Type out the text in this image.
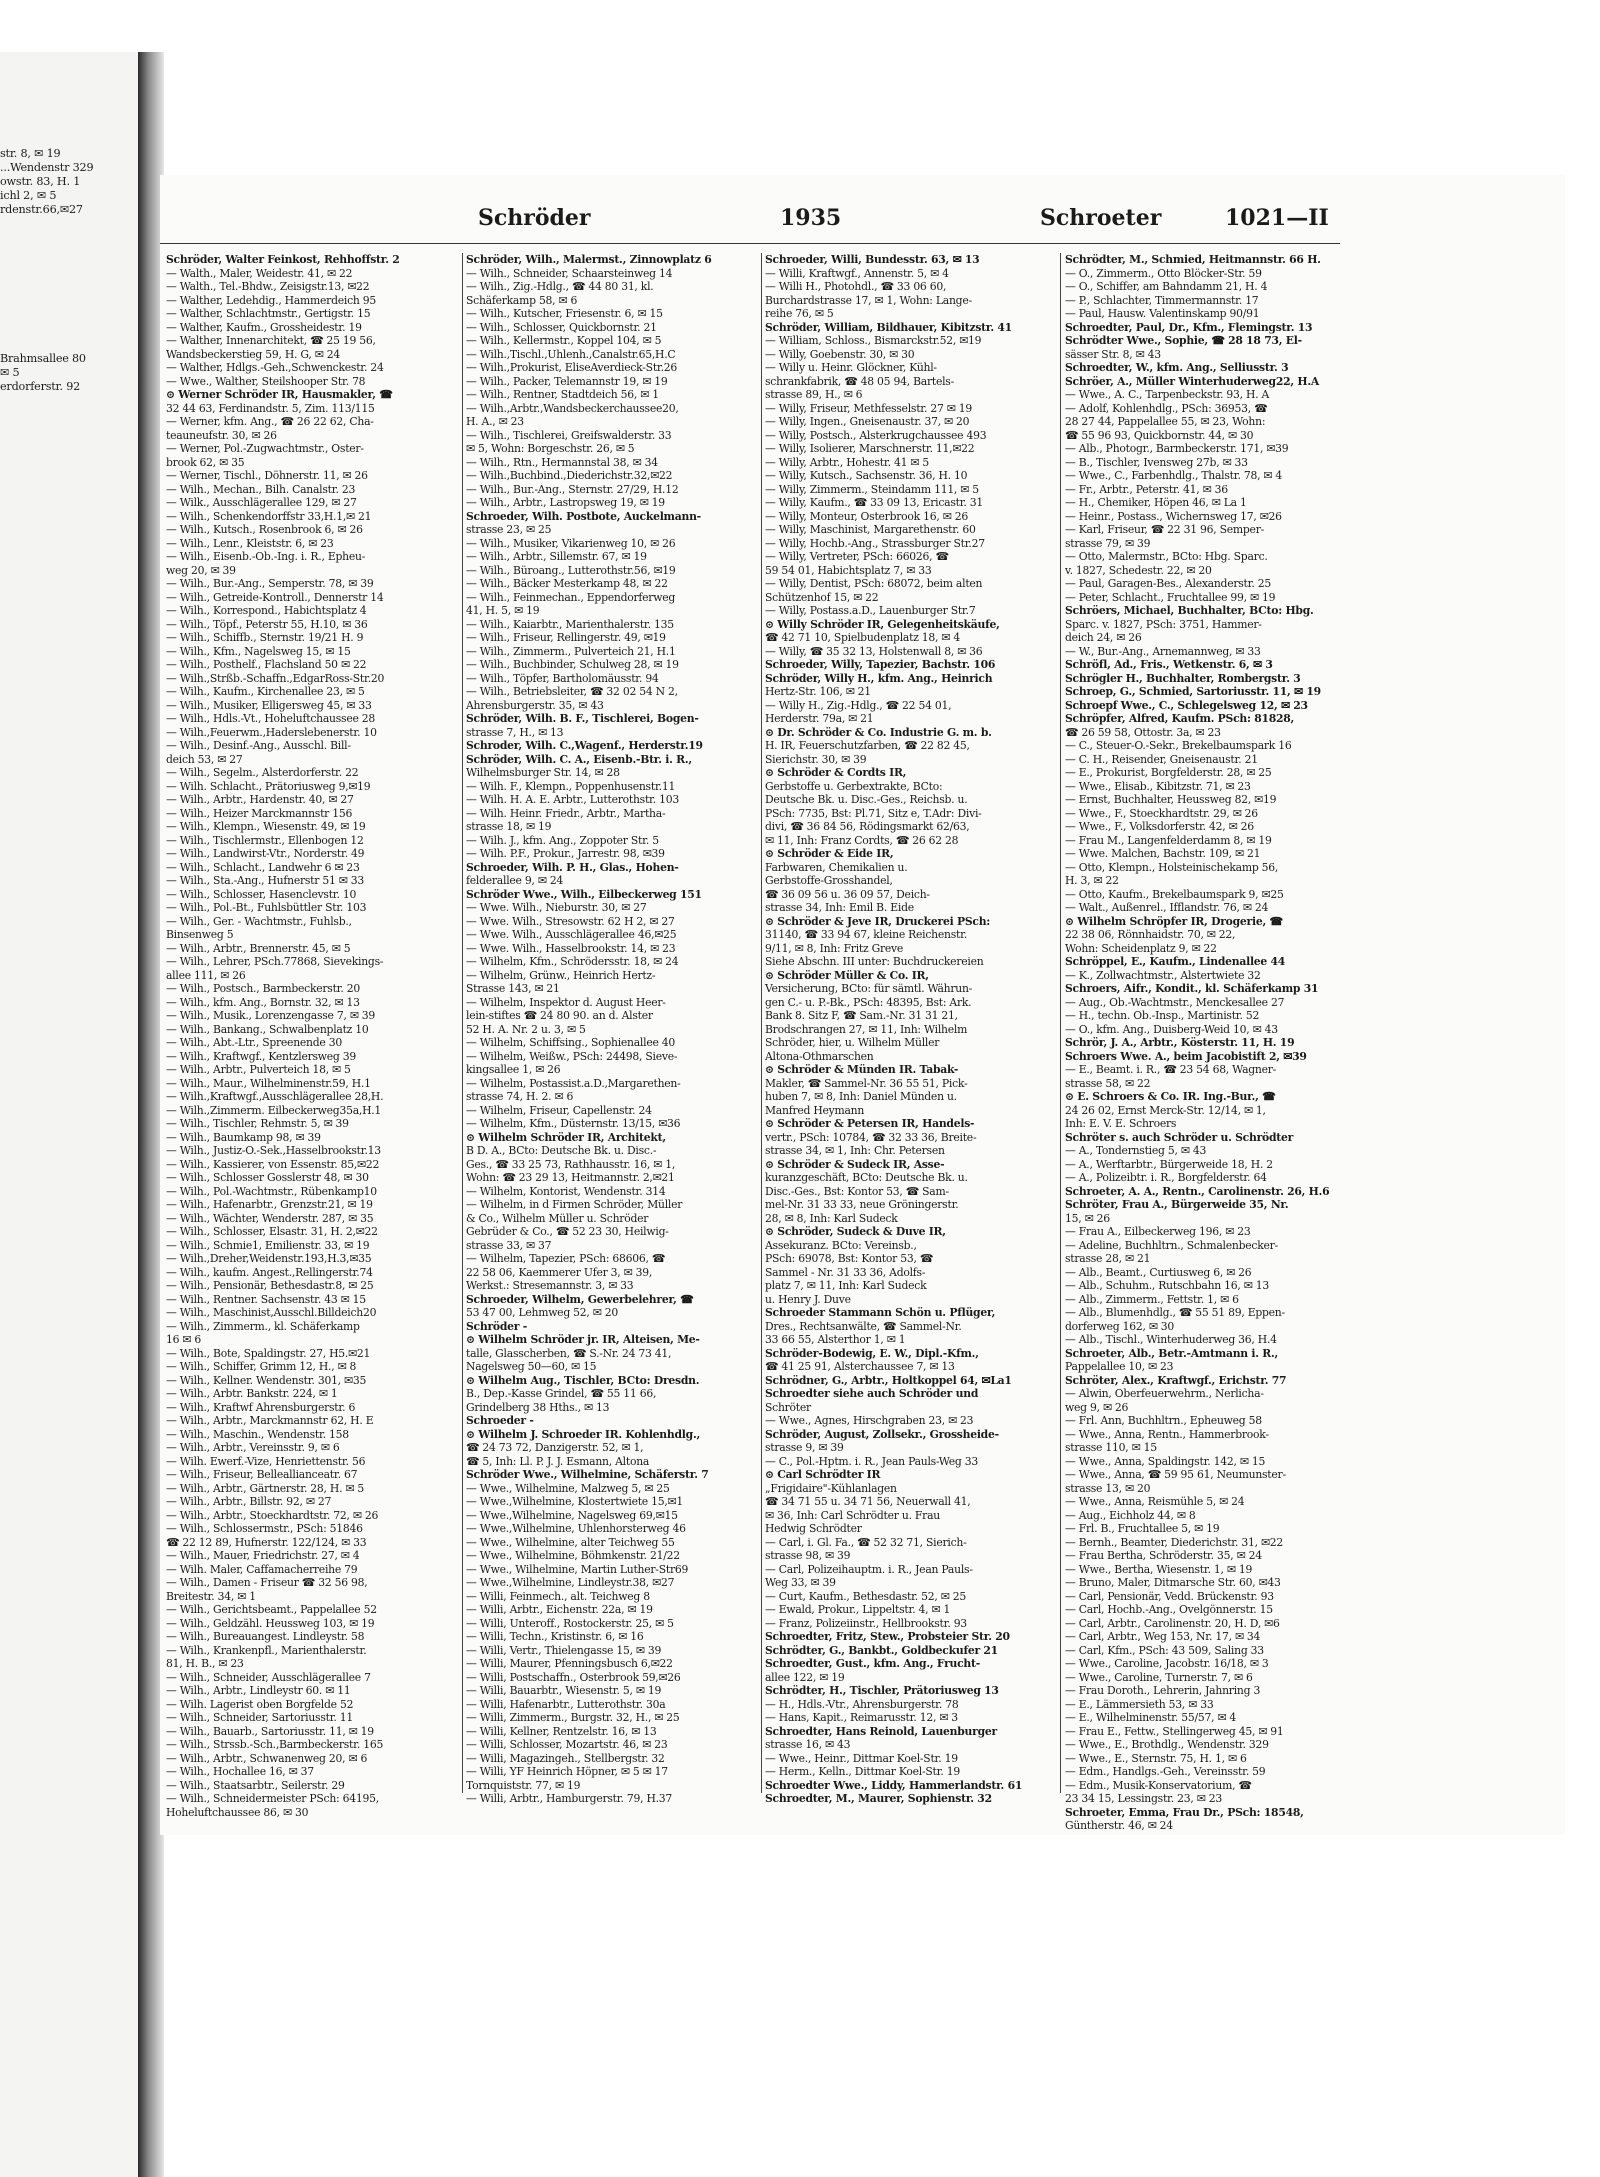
str. 8, ✉ 19
...Wendenstr 329
owstr. 83, H. 1
ichl 2, ✉ 5
rdenstr.66,✉27
Brahmsallee 80
✉ 5
erdorferstr. 92
Schröder	1935	Schroeter	1021—II

Schröder, Walter Feinkost, Rehhoffstr. 2

— Walth., Maler, Weidestr. 41, ✉ 22

— Walth., Tel.-Bhdw., Zeisigstr.13, ✉22

— Walther, Ledehdig., Hammerdeich 95

— Walther, Schlachtmstr., Gertigstr. 15

— Walther, Kaufm., Grossheidestr. 19

— Walther, Innenarchitekt, ☎ 25 19 56,

Wandsbeckerstieg 59, H. G, ✉ 24

— Walther, Hdlgs.-Geh.,Schwenckestr. 24

— Wwe., Walther, Steilshooper Str. 78

⊙ Werner Schröder IR, Hausmakler, ☎

32 44 63, Ferdinandstr. 5, Zim. 113/115

— Werner, kfm. Ang., ☎ 26 22 62, Cha-

teauneufstr. 30, ✉ 26

— Werner, Pol.-Zugwachtmstr., Oster-

brook 62, ✉ 35

— Werner, Tischl., Döhnerstr. 11, ✉ 26

— Wilh., Mechan., Bilh. Canalstr. 23

— Wilk., Ausschlägerallee 129, ✉ 27

— Wilh., Schenkendorffstr 33,H.1,✉ 21

— Wilh., Kutsch., Rosenbrook 6, ✉ 26

— Wilh., Lenr., Kleiststr. 6, ✉ 23

— Wilh., Eisenb.-Ob.-Ing. i. R., Epheu-

weg 20, ✉ 39

— Wilh., Bur.-Ang., Semperstr. 78, ✉ 39

— Wilh., Getreide-Kontroll., Dennerstr 14

— Wilh., Korrespond., Habichtsplatz 4

— Wilh., Töpf., Peterstr 55, H.10, ✉ 36

— Wilh., Schiffb., Sternstr. 19/21 H. 9

— Wilh., Kfm., Nagelsweg 15, ✉ 15

— Wilh., Posthelf., Flachsland 50 ✉ 22

— Wilh.,Strßb.-Schaffn.,EdgarRoss-Str.20

— Wilh., Kaufm., Kirchenallee 23, ✉ 5

— Wilh., Musiker, Elligersweg 45, ✉ 33

— Wilh., Hdls.-Vt., Hoheluftchaussee 28

— Wilh.,Feuerwm.,Haderslebenerstr. 10

— Wilh., Desinf.-Ang., Ausschl. Bill-

deich 53, ✉ 27

— Wilh., Segelm., Alsterdorferstr. 22

— Wilh. Schlacht., Prätoriusweg 9,✉19

— Wilh., Arbtr., Hardenstr. 40, ✉ 27

— Wilh., Heizer Marckmannstr 156

— Wilh., Klempn., Wiesenstr. 49, ✉ 19

— Wilh., Tischlermstr., Ellenbogen 12

— Wilh., Landwirst-Vtr., Norderstr. 49

— Wilh., Schlacht., Landwehr 6 ✉ 23

— Wilh., Sta.-Ang., Hufnerstr 51 ✉ 33

— Wilh., Schlosser, Hasenclevstr. 10

— Wilh., Pol.-Bt., Fuhlsbüttler Str. 103

— Wilh., Ger. - Wachtmstr., Fuhlsb.,

Binsenweg 5

— Wilh., Arbtr., Brennerstr. 45, ✉ 5

— Wilh., Lehrer, PSch.77868, Sievekings-

allee 111, ✉ 26

— Wilh., Postsch., Barmbeckerstr. 20

— Wilh., kfm. Ang., Bornstr. 32, ✉ 13

— Wilh., Musik., Lorenzengasse 7, ✉ 39

— Wilh., Bankang., Schwalbenplatz 10

— Wilh., Abt.-Ltr., Spreenende 30

— Wilh., Kraftwgf., Kentzlersweg 39

— Wilh., Arbtr., Pulverteich 18, ✉ 5

— Wilh., Maur., Wilhelminenstr.59, H.1

— Wilh.,Kraftwgf.,Ausschlägerallee 28,H.

— Wilh.,Zimmerm. Eilbeckerweg35a,H.1

— Wilh., Tischler, Rehmstr. 5, ✉ 39

— Wilh., Baumkamp 98, ✉ 39

— Wilh., Justiz-O.-Sek.,Hasselbrookstr.13

— Wilh., Kassierer, von Essenstr. 85,✉22

— Wilh., Schlosser Gosslerstr 48, ✉ 30

— Wilh., Pol.-Wachtmstr., Rübenkamp10

— Wilh., Hafenarbtr., Grenzstr.21, ✉ 19

— Wilh., Wächter, Wenderstr. 287, ✉ 35

— Wilh., Schlosser, Elsastr. 31, H. 2,✉22

— Wilh., Schmie1, Emilienstr. 33, ✉ 19

— Wilh.,Dreher,Weidenstr.193,H.3,✉35

— Wilh., kaufm. Angest.,Rellingerstr.74

— Wilh., Pensionär, Bethesdastr.8, ✉ 25

— Wilh., Rentner. Sachsenstr. 43 ✉ 15

— Wilh., Maschinist,Ausschl.Billdeich20

— Wilh., Zimmerm., kl. Schäferkamp

16 ✉ 6

— Wilh., Bote, Spaldingstr. 27, H5.✉21

— Wilh., Schiffer, Grimm 12, H., ✉ 8

— Wilh., Kellner. Wendenstr. 301, ✉35

— Wilh., Arbtr. Bankstr. 224, ✉ 1

— Wilh., Kraftwf Ahrensburgerstr. 6

— Wilh., Arbtr., Marckmannstr 62, H. E

— Wilh., Maschin., Wendenstr. 158

— Wilh., Arbtr., Vereinsstr. 9, ✉ 6

— Wilh. Ewerf.-Vize, Henriettenstr. 56

— Wilh., Friseur, Belleallianceatr. 67

— Wilh., Arbtr., Gärtnerstr. 28, H. ✉ 5

— Wilh., Arbtr., Billstr. 92, ✉ 27

— Wilh., Arbtr., Stoeckhardtstr. 72, ✉ 26

— Wilh., Schlossermstr., PSch: 51846

☎ 22 12 89, Hufnerstr. 122/124, ✉ 33

— Wilh., Mauer, Friedrichstr. 27, ✉ 4

— Wilh. Maler, Caffamacherreihe 79

— Wilh., Damen - Friseur ☎ 32 56 98,

Breitestr. 34, ✉ 1

— Wilh., Gerichtsbeamt., Pappelallee 52

— Wilh., Geldzähl. Heussweg 103, ✉ 19

— Wilh., Bureauangest. Lindleystr. 58

— Wilh., Krankenpfl., Marienthalerstr.

81, H. B., ✉ 23

— Wilh., Schneider, Ausschlägerallee 7

— Wilh., Arbtr., Lindleystr 60. ✉ 11

— Wilh. Lagerist oben Borgfelde 52

— Wilh., Schneider, Sartoriusstr. 11

— Wilh., Bauarb., Sartoriusstr. 11, ✉ 19

— Wilh., Strssb.-Sch.,Barmbeckerstr. 165

— Wilh., Arbtr., Schwanenweg 20, ✉ 6

— Wilh., Hochallee 16, ✉ 37

— Wilh., Staatsarbtr., Seilerstr. 29

— Wilh., Schneidermeister PSch: 64195,

Hoheluftchaussee 86, ✉ 30

Schröder, Wilh., Malermst., Zinnowplatz 6

— Wilh., Schneider, Schaarsteinweg 14

— Wilh., Zig.-Hdlg., ☎ 44 80 31, kl.

Schäferkamp 58, ✉ 6

— Wilh., Kutscher, Friesenstr. 6, ✉ 15

— Wilh., Schlosser, Quickbornstr. 21

— Wilh., Kellermstr., Koppel 104, ✉ 5

— Wilh.,Tischl.,Uhlenh.,Canalstr.65,H.C

— Wilh.,Prokurist, EliseAverdieck-Str.26

— Wilh., Packer, Telemannstr 19, ✉ 19

— Wilh., Rentner, Stadtdeich 56, ✉ 1

— Wilh.,Arbtr.,Wandsbeckerchaussee20,

H. A., ✉ 23

— Wilh., Tischlerei, Greifswalderstr. 33

✉ 5, Wohn: Borgeschstr. 26, ✉ 5

— Wilh., Rtn., Hermannstal 38, ✉ 34

— Wilh.,Buchbind.,Diederichstr.32,✉22

— Wilh., Bur.-Ang., Sternstr. 27/29, H.12

— Wilh., Arbtr., Lastropsweg 19, ✉ 19

Schroeder, Wilh. Postbote, Auckelmann-

strasse 23, ✉ 25

— Wilh., Musiker, Vikarienweg 10, ✉ 26

— Wilh., Arbtr., Sillemstr. 67, ✉ 19

— Wilh., Büroang., Lutterothstr.56, ✉19

— Wilh., Bäcker Mesterkamp 48, ✉ 22

— Wilh., Feinmechan., Eppendorferweg

41, H. 5, ✉ 19

— Wilh., Kaiarbtr., Marienthalerstr. 135

— Wilh., Friseur, Rellingerstr. 49, ✉19

— Wilh., Zimmerm., Pulverteich 21, H.1

— Wilh., Buchbinder, Schulweg 28, ✉ 19

— Wilh., Töpfer, Bartholomäusstr. 94

— Wilh., Betriebsleiter, ☎ 32 02 54 N 2,

Ahrensburgerstr. 35, ✉ 43

Schröder, Wilh. B. F., Tischlerei, Bogen-

strasse 7, H., ✉ 13

Schroder, Wilh. C.,Wagenf., Herderstr.19

Schröder, Wilh. C. A., Eisenb.-Btr. i. R.,

Wilhelmsburger Str. 14, ✉ 28

— Wilh. F., Klempn., Poppenhusenstr.11

— Wilh. H. A. E. Arbtr., Lutterothstr. 103

— Wilh. Heinr. Friedr., Arbtr., Martha-

strasse 18, ✉ 19

— Wilh. J., kfm. Ang., Zoppoter Str. 5

— Wilh. P.F., Prokur., Jarrestr. 98, ✉39

Schroeder, Wilh. P. H., Glas., Hohen-

felderallee 9, ✉ 24

Schröder Wwe., Wilh., Eilbeckerweg 151

— Wwe. Wilh., Nieburstr. 30, ✉ 27

— Wwe. Wilh., Stresowstr. 62 H 2, ✉ 27

— Wwe. Wilh., Ausschlägerallee 46,✉25

— Wwe. Wilh., Hasselbrookstr. 14, ✉ 23

— Wilhelm, Kfm., Schrödersstr. 18, ✉ 24

— Wilhelm, Grünw., Heinrich Hertz-

Strasse 143, ✉ 21

— Wilhelm, Inspektor d. August Heer-

lein-stiftes ☎ 24 80 90. an d. Alster

52 H. A. Nr. 2 u. 3, ✉ 5

— Wilhelm, Schiffsing., Sophienallee 40

— Wilhelm, Weißw., PSch: 24498, Sieve-

kingsallee 1, ✉ 26

— Wilhelm, Postassist.a.D.,Margarethen-

strasse 74, H. 2. ✉ 6

— Wilhelm, Friseur, Capellenstr. 24

— Wilhelm, Kfm., Düsternstr. 13/15, ✉36

⊙ Wilhelm Schröder IR, Architekt,

B D. A., BCto: Deutsche Bk. u. Disc.-

Ges., ☎ 33 25 73, Rathhausstr. 16, ✉ 1,

Wohn: ☎ 23 29 13, Heitmannstr. 2,✉21

— Wilhelm, Kontorist, Wendenstr. 314

— Wilhelm, in d Firmen Schröder, Müller

& Co., Wilhelm Müller u. Schröder

Gebrüder & Co., ☎ 52 23 30, Heilwig-

strasse 33, ✉ 37

— Wilhelm, Tapezier, PSch: 68606, ☎

22 58 06, Kaemmerer Ufer 3, ✉ 39,

Werkst.: Stresemannstr. 3, ✉ 33

Schroeder, Wilhelm, Gewerbelehrer, ☎

53 47 00, Lehmweg 52, ✉ 20

Schröder -

⊙ Wilhelm Schröder jr. IR, Alteisen, Me-

talle, Glasscherben, ☎ S.-Nr. 24 73 41,

Nagelsweg 50—60, ✉ 15

⊙ Wilhelm Aug., Tischler, BCto: Dresdn.

B., Dep.-Kasse Grindel, ☎ 55 11 66,

Grindelberg 38 Hths., ✉ 13

Schroeder -

⊙ Wilhelm J. Schroeder IR. Kohlenhdlg.,

☎ 24 73 72, Danzigerstr. 52, ✉ 1,

☎ 5, Inh: Ll. P. J. J. Esmann, Altona

Schröder Wwe., Wilhelmine, Schäferstr. 7

— Wwe., Wilhelmine, Malzweg 5, ✉ 25

— Wwe.,Wilhelmine, Klostertwiete 15,✉1

— Wwe.,Wilhelmine, Nagelsweg 69,✉15

— Wwe.,Wilhelmine, Uhlenhorsterweg 46

— Wwe., Wilhelmine, alter Teichweg 55

— Wwe., Wilhelmine, Böhmkenstr. 21/22

— Wwe., Wilhelmine, Martin Luther-Str69

— Wwe.,Wilhelmine, Lindleystr.38, ✉27

— Willi, Feinmech., alt. Teichweg 8

— Willi, Arbtr., Eichenstr. 22a, ✉ 19

— Willi, Unteroff., Rostockerstr. 25, ✉ 5

— Willi, Techn., Kristinstr. 6, ✉ 16

— Willi, Vertr., Thielengasse 15, ✉ 39

— Willi, Maurer, Pfenningsbusch 6,✉22

— Willi, Postschaffn., Osterbrook 59,✉26

— Willi, Bauarbtr., Wiesenstr. 5, ✉ 19

— Willi, Hafenarbtr., Lutterothstr. 30a

— Willi, Zimmerm., Burgstr. 32, H., ✉ 25

— Willi, Kellner, Rentzelstr. 16, ✉ 13

— Willi, Schlosser, Mozartstr. 46, ✉ 23

— Willi, Magazingeh., Stellbergstr. 32

— Willi, YF Heinrich Höpner, ✉ 5 ✉ 17

Tornquiststr. 77, ✉ 19

— Willi, Arbtr., Hamburgerstr. 79, H.37

Schroeder, Willi, Bundesstr. 63, ✉ 13

— Willi, Kraftwgf., Annenstr. 5, ✉ 4

— Willi H., Photohdl., ☎ 33 06 60,

Burchardstrasse 17, ✉ 1, Wohn: Lange-

reihe 76, ✉ 5

Schröder, William, Bildhauer, Kibitzstr. 41

— William, Schloss., Bismarckstr.52, ✉19

— Willy, Goebenstr. 30, ✉ 30

— Willy u. Heinr. Glöckner, Kühl-

schrankfabrik, ☎ 48 05 94, Bartels-

strasse 89, H., ✉ 6

— Willy, Friseur, Methfesselstr. 27 ✉ 19

— Willy, Ingen., Gneisenaustr. 37, ✉ 20

— Willy, Postsch., Alsterkrugchaussee 493

— Willy, Isolierer, Marschnerstr. 11,✉22

— Willy, Arbtr., Hohestr. 41 ✉ 5

— Willy, Kutsch., Sachsenstr. 36, H. 10

— Willy, Zimmerm., Steindamm 111, ✉ 5

— Willy, Kaufm., ☎ 33 09 13, Ericastr. 31

— Willy, Monteur, Osterbrook 16, ✉ 26

— Willy, Maschinist, Margarethenstr. 60

— Willy, Hochb.-Ang., Strassburger Str.27

— Willy, Vertreter, PSch: 66026, ☎

59 54 01, Habichtsplatz 7, ✉ 33

— Willy, Dentist, PSch: 68072, beim alten

Schützenhof 15, ✉ 22

— Willy, Postass.a.D., Lauenburger Str.7

⊙ Willy Schröder IR, Gelegenheitskäufe,

☎ 42 71 10, Spielbudenplatz 18, ✉ 4

— Willy, ☎ 35 32 13, Holstenwall 8, ✉ 36

Schroeder, Willy, Tapezier, Bachstr. 106

Schröder, Willy H., kfm. Ang., Heinrich

Hertz-Str. 106, ✉ 21

— Willy H., Zig.-Hdlg., ☎ 22 54 01,

Herderstr. 79a, ✉ 21

⊙ Dr. Schröder & Co. Industrie G. m. b.

H. IR, Feuerschutzfarben, ☎ 22 82 45,

Sierichstr. 30, ✉ 39

⊙ Schröder & Cordts IR,

Gerbstoffe u. Gerbextrakte, BCto:

Deutsche Bk. u. Disc.-Ges., Reichsb. u.

PSch: 7735, Bst: Pl.71, Sitz e, T.Adr: Divi-

divi, ☎ 36 84 56, Rödingsmarkt 62/63,

✉ 11, Inh: Franz Cordts, ☎ 26 62 28

⊙ Schröder & Eide IR,

Farbwaren, Chemikalien u.

Gerbstoffe-Grosshandel,

☎ 36 09 56 u. 36 09 57, Deich-

strasse 34, Inh: Emil B. Eide

⊙ Schröder & Jeve IR, Druckerei PSch:

31140, ☎ 33 94 67, kleine Reichenstr.

9/11, ✉ 8, Inh: Fritz Greve

Siehe Abschn. III unter: Buchdruckereien

⊙ Schröder Müller & Co. IR,

Versicherung, BCto: für sämtl. Währun-

gen C.- u. P.-Bk., PSch: 48395, Bst: Ark.

Bank 8. Sitz F, ☎ Sam.-Nr. 31 31 21,

Brodschrangen 27, ✉ 11, Inh: Wilhelm

Schröder, hier, u. Wilhelm Müller

Altona-Othmarschen

⊙ Schröder & Münden IR. Tabak-

Makler, ☎ Sammel-Nr. 36 55 51, Pick-

huben 7, ✉ 8, Inh: Daniel Münden u.

Manfred Heymann

⊙ Schröder & Petersen IR, Handels-

vertr., PSch: 10784, ☎ 32 33 36, Breite-

strasse 34, ✉ 1, Inh: Chr. Petersen

⊙ Schröder & Sudeck IR, Asse-

kuranzgeschäft, BCto: Deutsche Bk. u.

Disc.-Ges., Bst: Kontor 53, ☎ Sam-

mel-Nr. 31 33 33, neue Gröningerstr.

28, ✉ 8, Inh: Karl Sudeck

⊙ Schröder, Sudeck & Duve IR,

Assekuranz. BCto: Vereinsb.,

PSch: 69078, Bst: Kontor 53, ☎

Sammel - Nr. 31 33 36, Adolfs-

platz 7, ✉ 11, Inh: Karl Sudeck

u. Henry J. Duve

Schroeder Stammann Schön u. Pflüger,

Dres., Rechtsanwälte, ☎ Sammel-Nr.

33 66 55, Alsterthor 1, ✉ 1

Schröder-Bodewig, E. W., Dipl.-Kfm.,

☎ 41 25 91, Alsterchaussee 7, ✉ 13

Schrödner, G., Arbtr., Holtkoppel 64, ✉La1

Schroedter siehe auch Schröder und

Schröter

— Wwe., Agnes, Hirschgraben 23, ✉ 23

Schröder, August, Zollsekr., Grossheide-

strasse 9, ✉ 39

— C., Pol.-Hptm. i. R., Jean Pauls-Weg 33

⊙ Carl Schrödter IR

„Frigidaire"-Kühlanlagen

☎ 34 71 55 u. 34 71 56, Neuerwall 41,

✉ 36, Inh: Carl Schrödter u. Frau

Hedwig Schrödter

— Carl, i. Gl. Fa., ☎ 52 32 71, Sierich-

strasse 98, ✉ 39

— Carl, Polizeihauptm. i. R., Jean Pauls-

Weg 33, ✉ 39

— Curt, Kaufm., Bethesdastr. 52, ✉ 25

— Ewald, Prokur., Lippeltstr. 4, ✉ 1

— Franz, Polizeiinstr., Hellbrookstr. 93

Schroedter, Fritz, Stew., Probsteier Str. 20

Schrödter, G., Bankbt., Goldbeckufer 21

Schroedter, Gust., kfm. Ang., Frucht-

allee 122, ✉ 19

Schrödter, H., Tischler, Prätoriusweg 13

— H., Hdls.-Vtr., Ahrensburgerstr. 78

— Hans, Kapit., Reimarusstr. 12, ✉ 3

Schroedter, Hans Reinold, Lauenburger

strasse 16, ✉ 43

— Wwe., Heinr., Dittmar Koel-Str. 19

— Herm., Kelln., Dittmar Koel-Str. 19

Schroedter Wwe., Liddy, Hammerlandstr. 61

Schroedter, M., Maurer, Sophienstr. 32

Schrödter, M., Schmied, Heitmannstr. 66 H.

— O., Zimmerm., Otto Blöcker-Str. 59

— O., Schiffer, am Bahndamm 21, H. 4

— P., Schlachter, Timmermannstr. 17

— Paul, Hausw. Valentinskamp 90/91

Schroedter, Paul, Dr., Kfm., Flemingstr. 13

Schrödter Wwe., Sophie, ☎ 28 18 73, El-

sässer Str. 8, ✉ 43

Schroedter, W., kfm. Ang., Selliusstr. 3

Schröer, A., Müller Winterhuderweg22, H.A

— Wwe., A. C., Tarpenbeckstr. 93, H. A

— Adolf, Kohlenhdlg., PSch: 36953, ☎

28 27 44, Pappelallee 55, ✉ 23, Wohn:

☎ 55 96 93, Quickbornstr. 44, ✉ 30

— Alb., Photogr., Barmbeckerstr. 171, ✉39

— B., Tischler, Ivensweg 27b, ✉ 33

— Wwe., C., Farbenhdlg., Thalstr. 78, ✉ 4

— Fr., Arbtr., Peterstr. 41, ✉ 36

— H., Chemiker, Höpen 46, ✉ La 1

— Heinr., Postass., Wichernsweg 17, ✉26

— Karl, Friseur, ☎ 22 31 96, Semper-

strasse 79, ✉ 39

— Otto, Malermstr., BCto: Hbg. Sparc.

v. 1827, Schedestr. 22, ✉ 20

— Paul, Garagen-Bes., Alexanderstr. 25

— Peter, Schlacht., Fruchtallee 99, ✉ 19

Schröers, Michael, Buchhalter, BCto: Hbg.

Sparc. v. 1827, PSch: 3751, Hammer-

deich 24, ✉ 26

— W., Bur.-Ang., Arnemannweg, ✉ 33

Schröfl, Ad., Fris., Wetkenstr. 6, ✉ 3

Schrögler H., Buchhalter, Rombergstr. 3

Schroep, G., Schmied, Sartoriusstr. 11, ✉ 19

Schroepf Wwe., C., Schlegelsweg 12, ✉ 23

Schröpfer, Alfred, Kaufm. PSch: 81828,

☎ 26 59 58, Ottostr. 3a, ✉ 23

— C., Steuer-O.-Sekr., Brekelbaumspark 16

— C. H., Reisender, Gneisenaustr. 21

— E., Prokurist, Borgfelderstr. 28, ✉ 25

— Wwe., Elisab., Kibitzstr. 71, ✉ 23

— Ernst, Buchhalter, Heussweg 82, ✉19

— Wwe., F., Stoeckhardtstr. 29, ✉ 26

— Wwe., F., Volksdorferstr. 42, ✉ 26

— Frau M., Langenfelderdamm 8, ✉ 19

— Wwe. Malchen, Bachstr. 109, ✉ 21

— Otto, Klempn., Holsteinischekamp 56,

H. 3, ✉ 22

— Otto, Kaufm., Brekelbaumspark 9, ✉25

— Walt., Außenrel., Ifflandstr. 76, ✉ 24

⊙ Wilhelm Schröpfer IR, Drogerie, ☎

22 38 06, Rönnhaidstr. 70, ✉ 22,

Wohn: Scheidenplatz 9, ✉ 22

Schröppel, E., Kaufm., Lindenallee 44

— K., Zollwachtmstr., Alstertwiete 32

Schroers, Aifr., Kondit., kl. Schäferkamp 31

— Aug., Ob.-Wachtmstr., Menckesallee 27

— H., techn. Ob.-Insp., Martinistr. 52

— O., kfm. Ang., Duisberg-Weid 10, ✉ 43

Schrör, J. A., Arbtr., Kösterstr. 11, H. 19

Schroers Wwe. A., beim Jacobistift 2, ✉39

— E., Beamt. i. R., ☎ 23 54 68, Wagner-

strasse 58, ✉ 22

⊙ E. Schroers & Co. IR. Ing.-Bur., ☎

24 26 02, Ernst Merck-Str. 12/14, ✉ 1,

Inh: E. V. E. Schroers

Schröter s. auch Schröder u. Schrödter

— A., Tondernstieg 5, ✉ 43

— A., Werftarbtr., Bürgerweide 18, H. 2

— A., Polizeibtr. i. R., Borgfelderstr. 64

Schroeter, A. A., Rentn., Carolinenstr. 26, H.6

Schröter, Frau A., Bürgerweide 35, Nr.

15, ✉ 26

— Frau A., Eilbeckerweg 196, ✉ 23

— Adeline, Buchhltrn., Schmalenbecker-

strasse 28, ✉ 21

— Alb., Beamt., Curtiusweg 6, ✉ 26

— Alb., Schuhm., Rutschbahn 16, ✉ 13

— Alb., Zimmerm., Fettstr. 1, ✉ 6

— Alb., Blumenhdlg., ☎ 55 51 89, Eppen-

dorferweg 162, ✉ 30

— Alb., Tischl., Winterhuderweg 36, H.4

Schroeter, Alb., Betr.-Amtmann i. R.,

Pappelallee 10, ✉ 23

Schröter, Alex., Kraftwgf., Erichstr. 77

— Alwin, Oberfeuerwehrm., Nerlicha-

weg 9, ✉ 26

— Frl. Ann, Buchhltrn., Epheuweg 58

— Wwe., Anna, Rentn., Hammerbrook-

strasse 110, ✉ 15

— Wwe., Anna, Spaldingstr. 142, ✉ 15

— Wwe., Anna, ☎ 59 95 61, Neumunster-

strasse 13, ✉ 20

— Wwe., Anna, Reismühle 5, ✉ 24

— Aug., Eichholz 44, ✉ 8

— Frl. B., Fruchtallee 5, ✉ 19

— Bernh., Beamter, Diederichstr. 31, ✉22

— Frau Bertha, Schröderstr. 35, ✉ 24

— Wwe., Bertha, Wiesenstr. 1, ✉ 19

— Bruno, Maler, Ditmarsche Str. 60, ✉43

— Carl, Pensionär, Vedd. Brückenstr. 93

— Carl, Hochb.-Ang., Ovelgönnerstr. 15

— Carl, Arbtr., Carolinenstr. 20, H. D, ✉6

— Carl, Arbtr., Weg 153, Nr. 17, ✉ 34

— Carl, Kfm., PSch: 43 509, Saling 33

— Wwe., Caroline, Jacobstr. 16/18, ✉ 3

— Wwe., Caroline, Turnerstr. 7, ✉ 6

— Frau Doroth., Lehrerin, Jahnring 3

— E., Lämmersieth 53, ✉ 33

— E., Wilhelminenstr. 55/57, ✉ 4

— Frau E., Fettw., Stellingerweg 45, ✉ 91

— Wwe., E., Brothdlg., Wendenstr. 329

— Wwe., E., Sternstr. 75, H. 1, ✉ 6

— Edm., Handlgs.-Geh., Vereinsstr. 59

— Edm., Musik-Konservatorium, ☎

23 34 15, Lessingstr. 23, ✉ 23

Schroeter, Emma, Frau Dr., PSch: 18548,

Güntherstr. 46, ✉ 24
